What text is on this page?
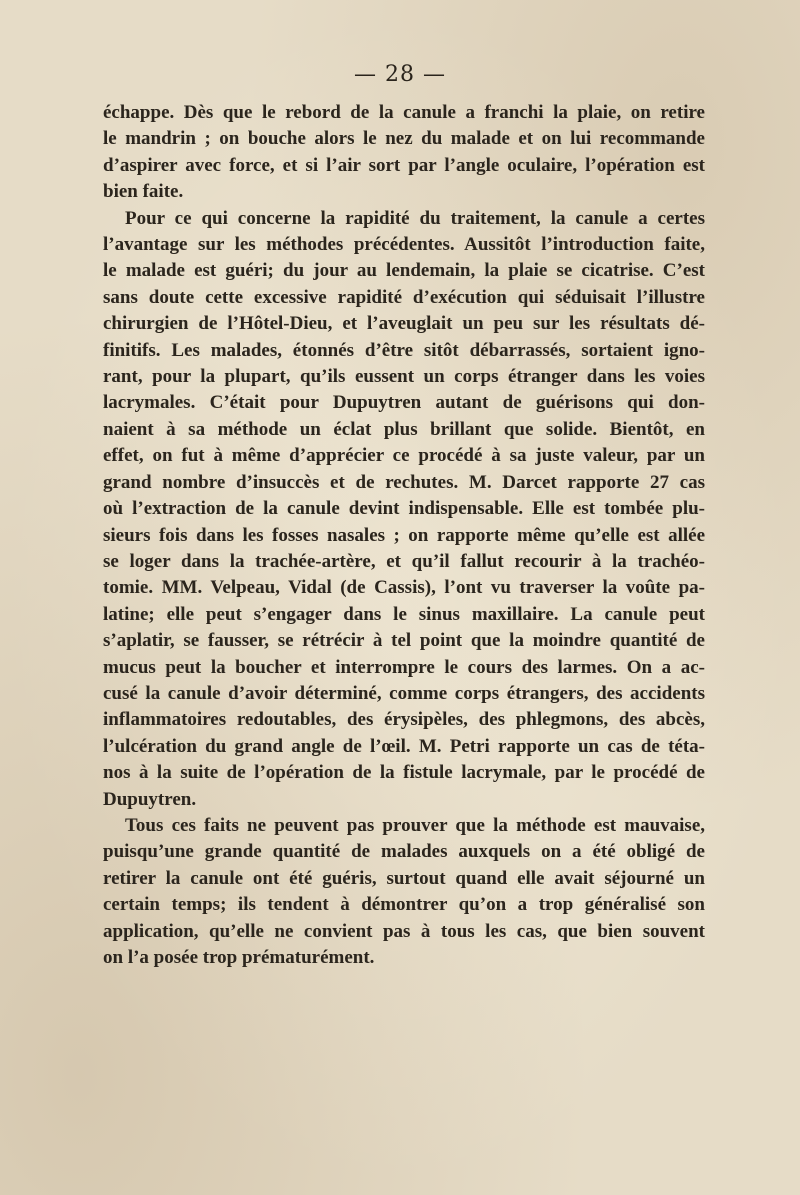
— 28 —

échappe. Dès que le rebord de la canule a franchi la plaie, on retire
le mandrin ; on bouche alors le nez du malade et on lui recommande
d’aspirer avec force, et si l’air sort par l’angle oculaire, l’opération est
bien faite.

Pour ce qui concerne la rapidité du traitement, la canule a certes
l’avantage sur les méthodes précédentes. Aussitôt l’introduction faite,
le malade est guéri; du jour au lendemain, la plaie se cicatrise. C’est
sans doute cette excessive rapidité d’exécution qui séduisait l’illustre
chirurgien de l’Hôtel-Dieu, et l’aveuglait un peu sur les résultats dé-
finitifs. Les malades, étonnés d’être sitôt débarrassés, sortaient igno-
rant, pour la plupart, qu’ils eussent un corps étranger dans les voies
lacrymales. C’était pour Dupuytren autant de guérisons qui don-
naient à sa méthode un éclat plus brillant que solide. Bientôt, en
effet, on fut à même d’apprécier ce procédé à sa juste valeur, par un
grand nombre d’insuccès et de rechutes. M. Darcet rapporte 27 cas
où l’extraction de la canule devint indispensable. Elle est tombée plu-
sieurs fois dans les fosses nasales ; on rapporte même qu’elle est allée
se loger dans la trachée-artère, et qu’il fallut recourir à la trachéo-
tomie. MM. Velpeau, Vidal (de Cassis), l’ont vu traverser la voûte pa-
latine; elle peut s’engager dans le sinus maxillaire. La canule peut
s’aplatir, se fausser, se rétrécir à tel point que la moindre quantité de
mucus peut la boucher et interrompre le cours des larmes. On a ac-
cusé la canule d’avoir déterminé, comme corps étrangers, des accidents
inflammatoires redoutables, des érysipèles, des phlegmons, des abcès,
l’ulcération du grand angle de l’œil. M. Petri rapporte un cas de téta-
nos à la suite de l’opération de la fistule lacrymale, par le procédé de
Dupuytren.

Tous ces faits ne peuvent pas prouver que la méthode est mauvaise,
puisqu’une grande quantité de malades auxquels on a été obligé de
retirer la canule ont été guéris, surtout quand elle avait séjourné un
certain temps; ils tendent à démontrer qu’on a trop généralisé son
application, qu’elle ne convient pas à tous les cas, que bien souvent
on l’a posée trop prématurément.
